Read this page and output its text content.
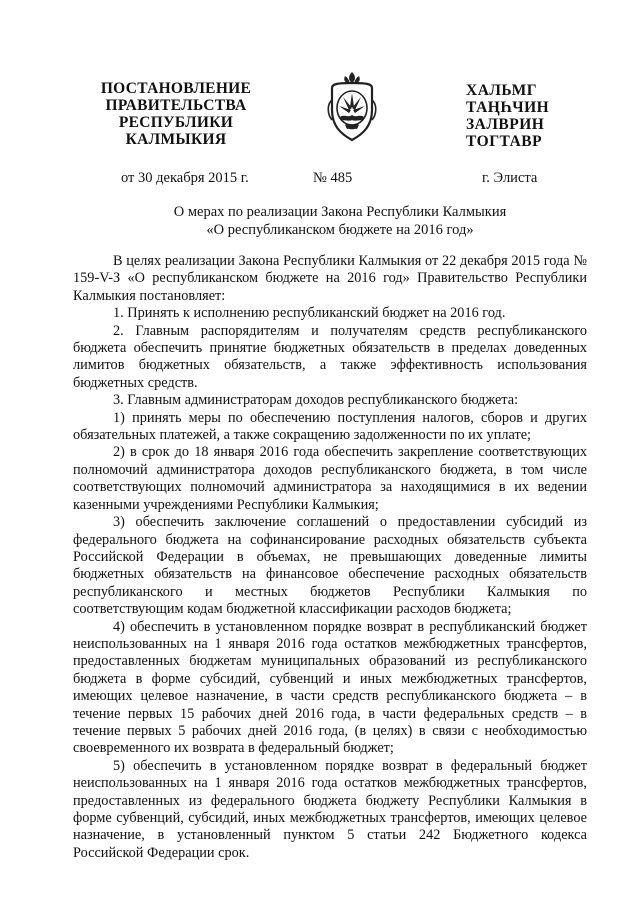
ПОСТАНОВЛЕНИЕ
ПРАВИТЕЛЬСТВА
РЕСПУБЛИКИ
КАЛМЫКИЯ
ХАЛЬМГ
ТАҢҺЧИН
ЗАЛВРИН
ТОГТАВР
от 30 декабря 2015 г.	№ 485	г. Элиста
О мерах по реализации Закона Республики Калмыкия
«О республиканском бюджете на 2016 год»

В целях реализации Закона Республики Калмыкия от 22 декабря 2015 года № 159-V-З «О республиканском бюджете на 2016 год» Правительство Республики Калмыкия постановляет:

1. Принять к исполнению республиканский бюджет на 2016 год.

2. Главным распорядителям и получателям средств республиканского бюджета обеспечить принятие бюджетных обязательств в пределах доведенных лимитов бюджетных обязательств, а также эффективность использования бюджетных средств.

3. Главным администраторам доходов республиканского бюджета:

1) принять меры по обеспечению поступления налогов, сборов и других обязательных платежей, а также сокращению задолженности по их уплате;

2) в срок до 18 января 2016 года обеспечить закрепление соответствующих полномочий администратора доходов республиканского бюджета, в том числе соответствующих полномочий администратора за находящимися в их ведении казенными учреждениями Республики Калмыкия;

3) обеспечить заключение соглашений о предоставлении субсидий из федерального бюджета на софинансирование расходных обязательств субъекта Российской Федерации в объемах, не превышающих доведенные лимиты бюджетных обязательств на финансовое обеспечение расходных обязательств республиканского и местных бюджетов Республики Калмыкия по соответствующим кодам бюджетной классификации расходов бюджета;

4) обеспечить в установленном порядке возврат в республиканский бюджет неиспользованных на 1 января 2016 года остатков межбюджетных трансфертов, предоставленных бюджетам муниципальных образований из республиканского бюджета в форме субсидий, субвенций и иных межбюджетных трансфертов, имеющих целевое назначение, в части средств республиканского бюджета – в течение первых 15 рабочих дней 2016 года, в части федеральных средств – в течение первых 5 рабочих дней 2016 года, (в целях) в связи с необходимостью своевременного их возврата в федеральный бюджет;

5) обеспечить в установленном порядке возврат в федеральный бюджет неиспользованных на 1 января 2016 года остатков межбюджетных трансфертов, предоставленных из федерального бюджета бюджету Республики Калмыкия в форме субвенций, субсидий, иных межбюджетных трансфертов, имеющих целевое назначение, в установленный пунктом 5 статьи 242 Бюджетного кодекса Российской Федерации срок.
